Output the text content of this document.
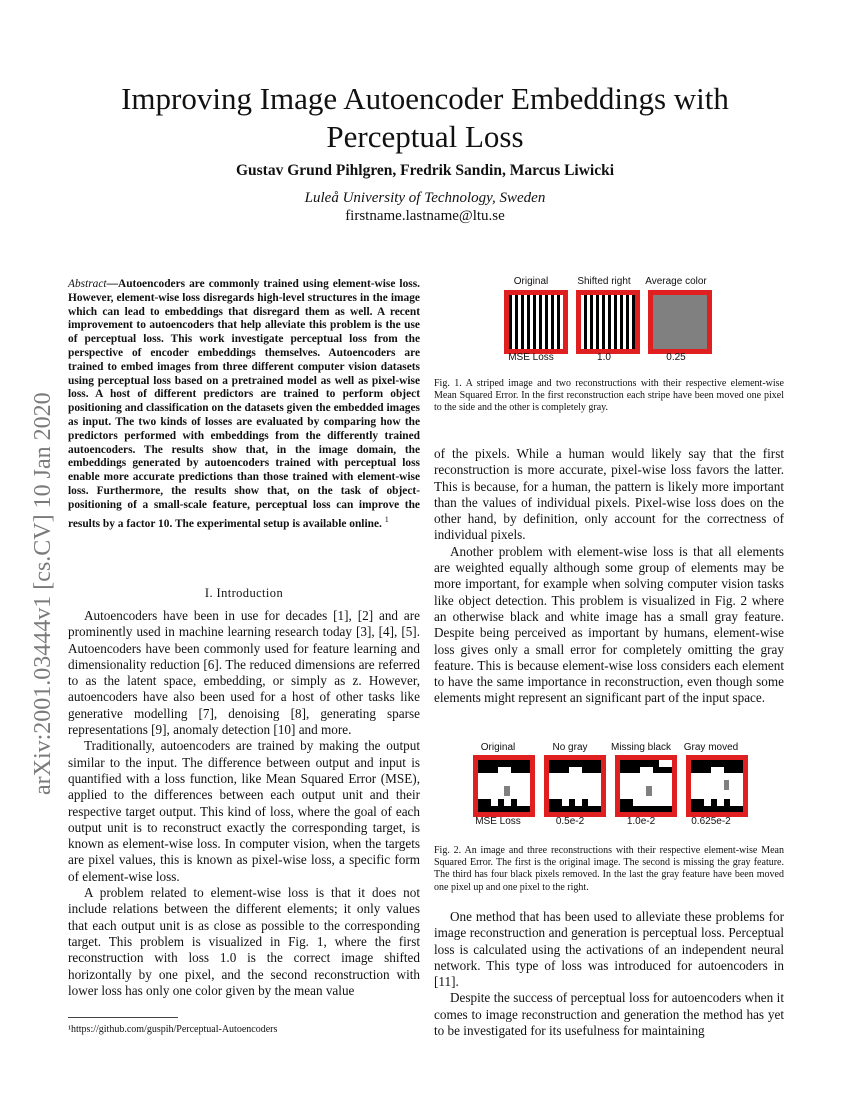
Improving Image Autoencoder Embeddings with Perceptual Loss
Gustav Grund Pihlgren, Fredrik Sandin, Marcus Liwicki
Luleå University of Technology, Sweden
firstname.lastname@ltu.se
arXiv:2001.03444v1 [cs.CV] 10 Jan 2020
Abstract—Autoencoders are commonly trained using element-wise loss. However, element-wise loss disregards high-level structures in the image which can lead to embeddings that disregard them as well. A recent improvement to autoencoders that help alleviate this problem is the use of perceptual loss. This work investigate perceptual loss from the perspective of encoder embeddings themselves. Autoencoders are trained to embed images from three different computer vision datasets using perceptual loss based on a pretrained model as well as pixel-wise loss. A host of different predictors are trained to perform object positioning and classification on the datasets given the embedded images as input. The two kinds of losses are evaluated by comparing how the predictors performed with embeddings from the differently trained autoencoders. The results show that, in the image domain, the embeddings generated by autoencoders trained with perceptual loss enable more accurate predictions than those trained with element-wise loss. Furthermore, the results show that, on the task of object-positioning of a small-scale feature, perceptual loss can improve the results by a factor 10. The experimental setup is available online. $^1$
I. Introduction

Autoencoders have been in use for decades [1], [2] and are prominently used in machine learning research today [3], [4], [5]. Autoencoders have been commonly used for feature learning and dimensionality reduction [6]. The reduced dimensions are referred to as the latent space, embedding, or simply as z. However, autoencoders have also been used for a host of other tasks like generative modelling [7], denoising [8], generating sparse representations [9], anomaly detection [10] and more.

Traditionally, autoencoders are trained by making the output similar to the input. The difference between output and input is quantified with a loss function, like Mean Squared Error (MSE), applied to the differences between each output unit and their respective target output. This kind of loss, where the goal of each output unit is to reconstruct exactly the corresponding target, is known as element-wise loss. In computer vision, when the targets are pixel values, this is known as pixel-wise loss, a specific form of element-wise loss.

A problem related to element-wise loss is that it does not include relations between the different elements; it only values that each output unit is as close as possible to the corresponding target. This problem is visualized in Fig. 1, where the first reconstruction with loss 1.0 is the correct image shifted horizontally by one pixel, and the second reconstruction with lower loss has only one color given by the mean value

¹https://github.com/guspih/Perceptual-Autoencoders
Original	Shifted right	Average color
MSE Loss	1.0	0.25
Fig. 1. A striped image and two reconstructions with their respective element-wise Mean Squared Error. In the first reconstruction each stripe have been moved one pixel to the side and the other is completely gray.

of the pixels. While a human would likely say that the first reconstruction is more accurate, pixel-wise loss favors the latter. This is because, for a human, the pattern is likely more important than the values of individual pixels. Pixel-wise loss does on the other hand, by definition, only account for the correctness of individual pixels.

Another problem with element-wise loss is that all elements are weighted equally although some group of elements may be more important, for example when solving computer vision tasks like object detection. This problem is visualized in Fig. 2 where an otherwise black and white image has a small gray feature. Despite being perceived as important by humans, element-wise loss gives only a small error for completely omitting the gray feature. This is because element-wise loss considers each element to have the same importance in reconstruction, even though some elements might represent an significant part of the input space.

Original	No gray	Missing black	Gray moved
MSE Loss	0.5e-2	1.0e-2	0.625e-2
Fig. 2. An image and three reconstructions with their respective element-wise Mean Squared Error. The first is the original image. The second is missing the gray feature. The third has four black pixels removed. In the last the gray feature have been moved one pixel up and one pixel to the right.

One method that has been used to alleviate these problems for image reconstruction and generation is perceptual loss. Perceptual loss is calculated using the activations of an independent neural network. This type of loss was introduced for autoencoders in [11].

Despite the success of perceptual loss for autoencoders when it comes to image reconstruction and generation the method has yet to be investigated for its usefulness for maintaining
